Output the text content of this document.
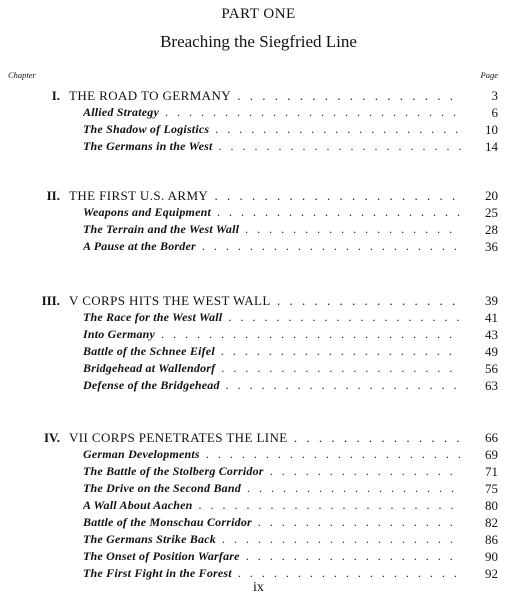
PART ONE
Breaching the Siegfried Line
Chapter	Page
I. THE ROAD TO GERMANY . . .	3
Allied Strategy . . .	6
The Shadow of Logistics . . .	10
The Germans in the West . . .	14
II. THE FIRST U.S. ARMY . . .	20
Weapons and Equipment . . .	25
The Terrain and the West Wall . . .	28
A Pause at the Border . . .	36
III. V CORPS HITS THE WEST WALL . . .	39
The Race for the West Wall . . .	41
Into Germany . . .	43
Battle of the Schnee Eifel . . .	49
Bridgehead at Wallendorf . . .	56
Defense of the Bridgehead . . .	63
IV. VII CORPS PENETRATES THE LINE . . .	66
German Developments . . .	69
The Battle of the Stolberg Corridor . . .	71
The Drive on the Second Band . . .	75
A Wall About Aachen . . .	80
Battle of the Monschau Corridor . . .	82
The Germans Strike Back . . .	86
The Onset of Position Warfare . . .	90
The First Fight in the Forest . . .	92
ix
